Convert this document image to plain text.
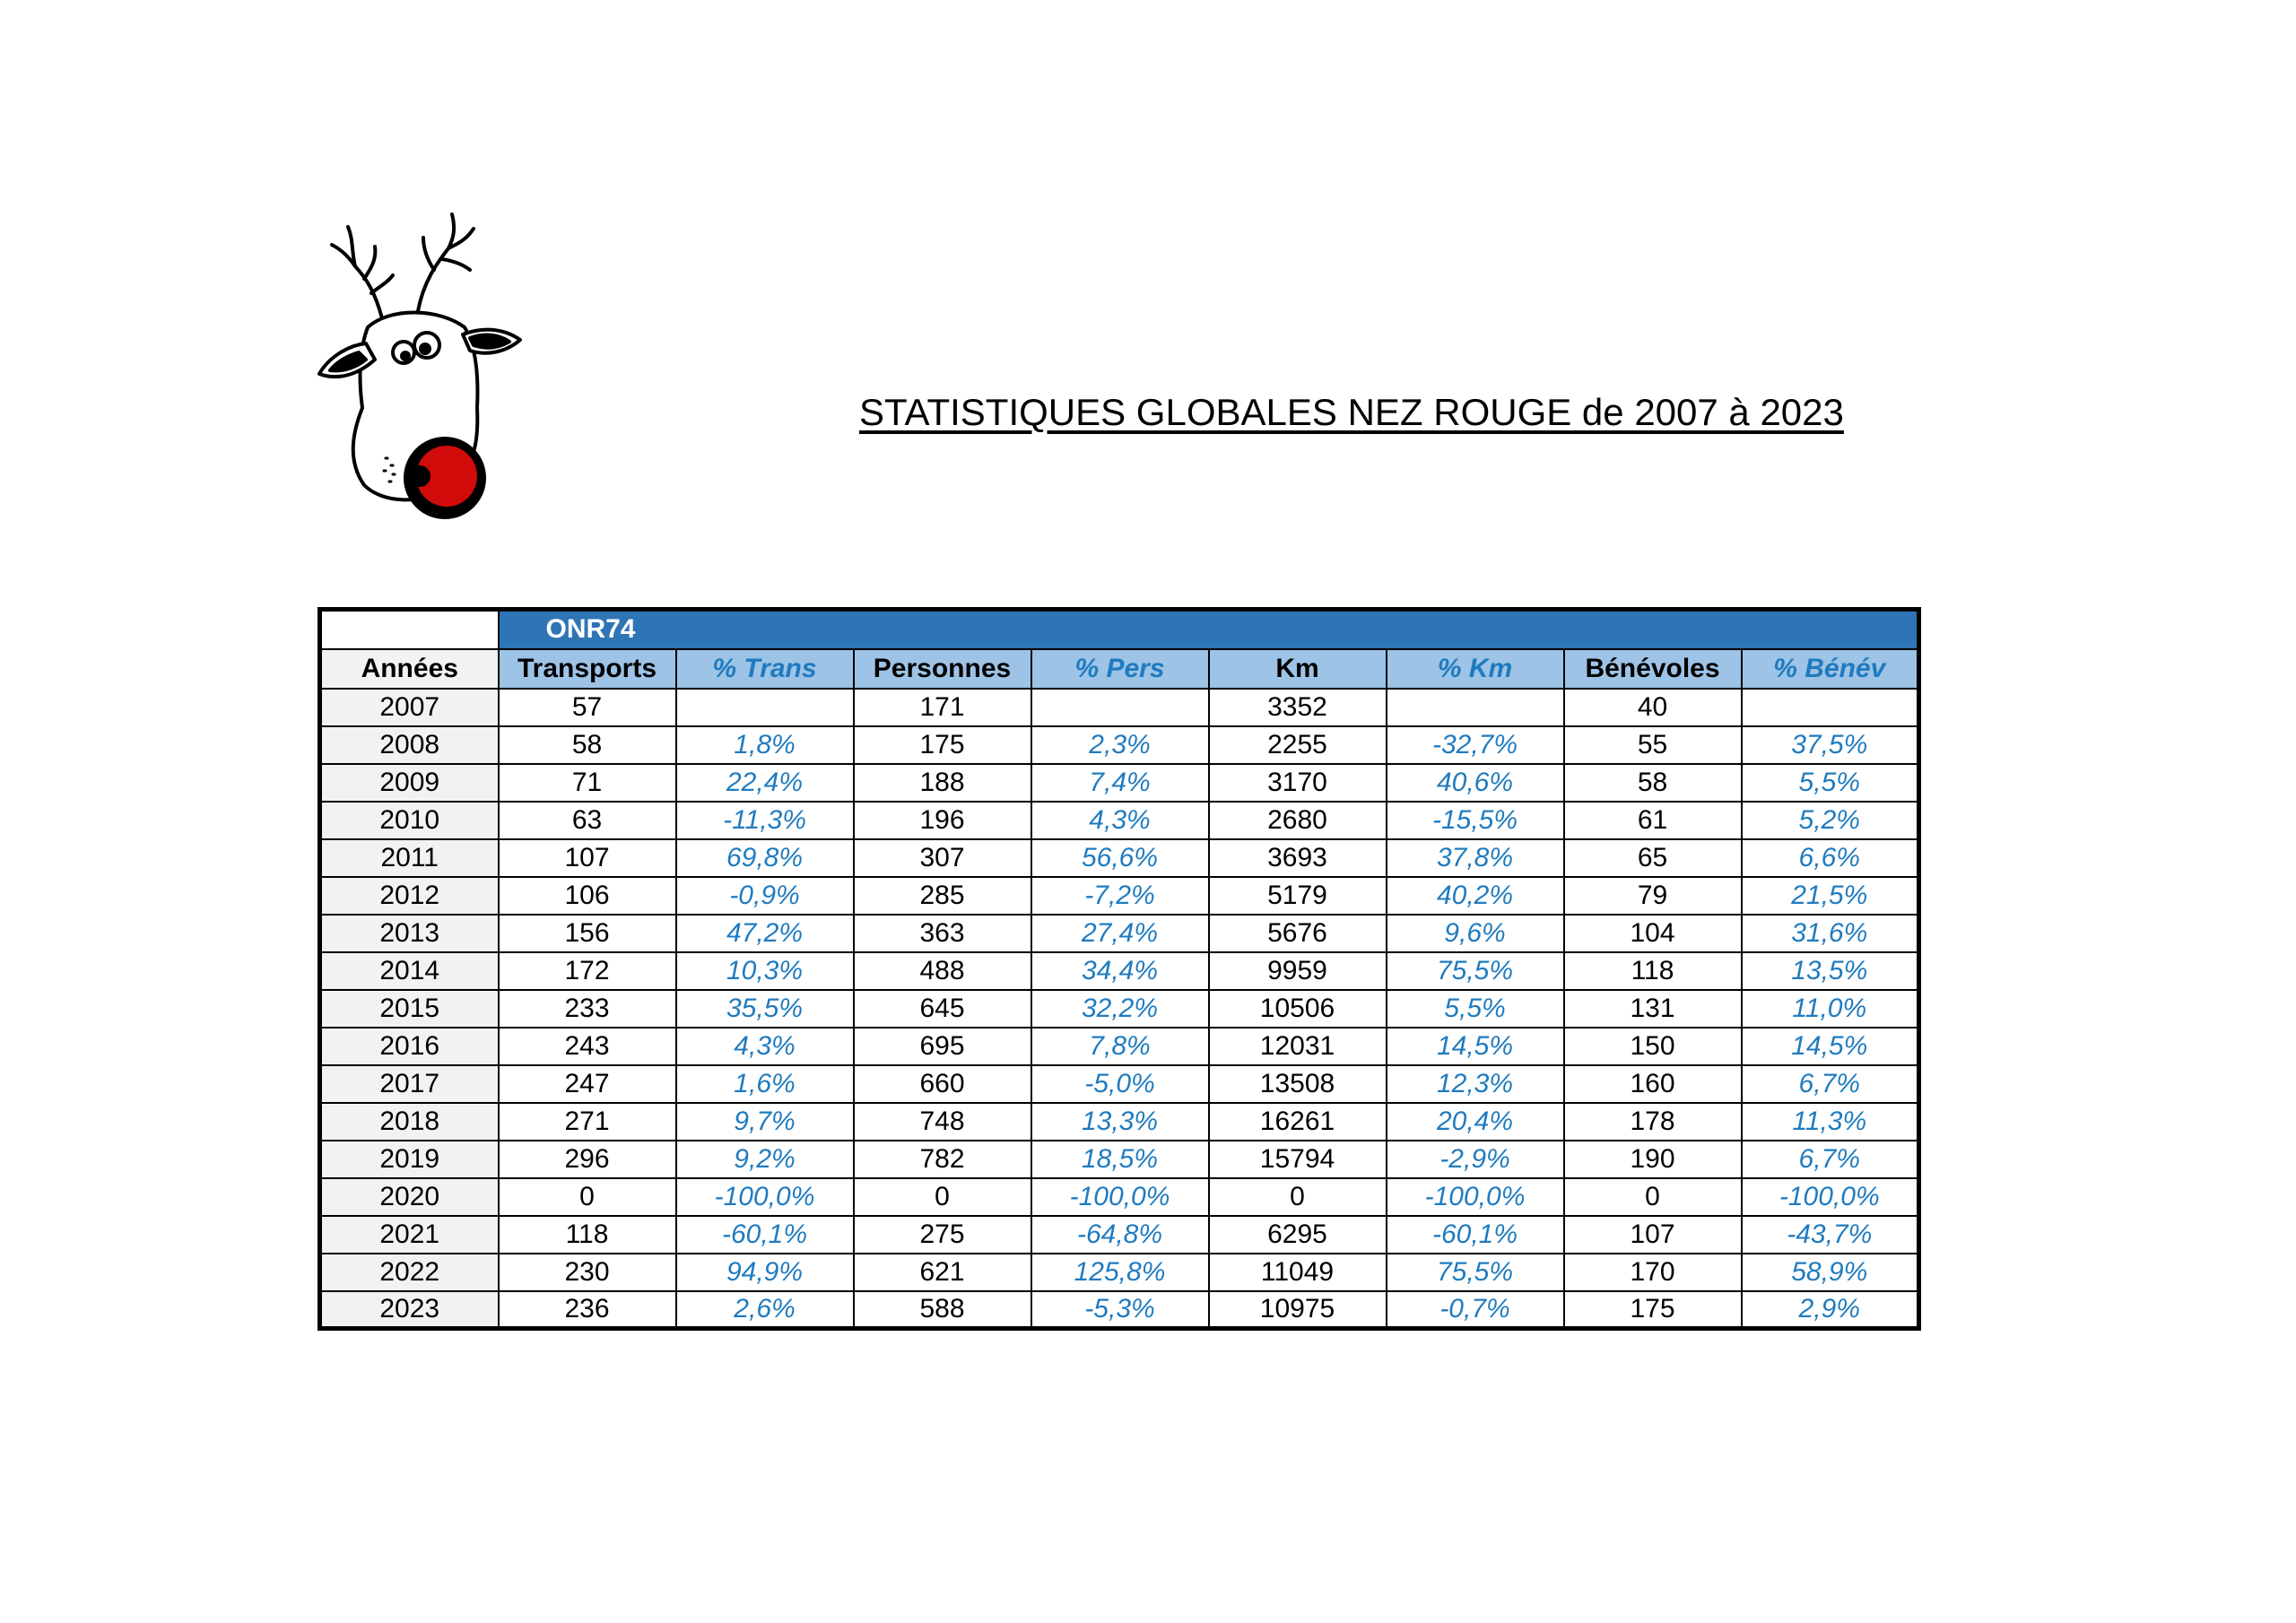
STATISTIQUES GLOBALES NEZ ROUGE de 2007 à 2023
	ONR74							
Années	Transports	% Trans	Personnes	% Pers	Km	% Km	Bénévoles	% Bénév
2007	57		171		3352		40	
2008	58	1,8%	175	2,3%	2255	-32,7%	55	37,5%
2009	71	22,4%	188	7,4%	3170	40,6%	58	5,5%
2010	63	-11,3%	196	4,3%	2680	-15,5%	61	5,2%
2011	107	69,8%	307	56,6%	3693	37,8%	65	6,6%
2012	106	-0,9%	285	-7,2%	5179	40,2%	79	21,5%
2013	156	47,2%	363	27,4%	5676	9,6%	104	31,6%
2014	172	10,3%	488	34,4%	9959	75,5%	118	13,5%
2015	233	35,5%	645	32,2%	10506	5,5%	131	11,0%
2016	243	4,3%	695	7,8%	12031	14,5%	150	14,5%
2017	247	1,6%	660	-5,0%	13508	12,3%	160	6,7%
2018	271	9,7%	748	13,3%	16261	20,4%	178	11,3%
2019	296	9,2%	782	18,5%	15794	-2,9%	190	6,7%
2020	0	-100,0%	0	-100,0%	0	-100,0%	0	-100,0%
2021	118	-60,1%	275	-64,8%	6295	-60,1%	107	-43,7%
2022	230	94,9%	621	125,8%	11049	75,5%	170	58,9%
2023	236	2,6%	588	-5,3%	10975	-0,7%	175	2,9%
